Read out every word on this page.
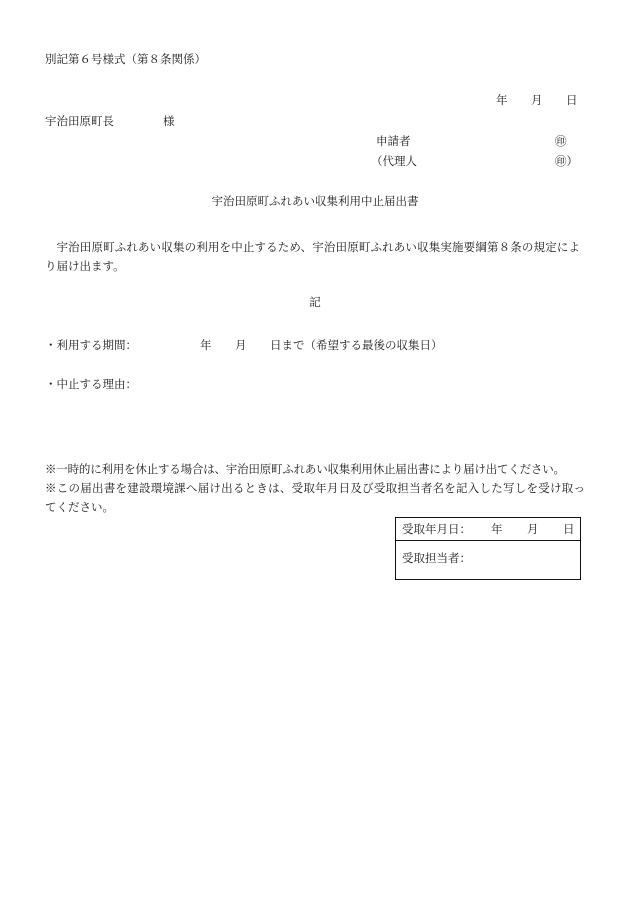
別記第６号様式（第８条関係）
年 月 日
宇治田原町長	様
申請者	㊞
（代理人	㊞）
宇治田原町ふれあい収集利用中止届出書
宇治田原町ふれあい収集の利用を中止するため、宇治田原町ふれあい収集実施要綱第８条の規定により届け出ます。
記
・利用する期間：	年 月 日まで（希望する最後の収集日）
・中止する理由：
※一時的に利用を休止する場合は、宇治田原町ふれあい収集利用休止届出書により届け出てください。
※この届出書を建設環境課へ届け出るときは、受取年月日及び受取担当者名を記入した写しを受け取ってください。
受取年月日： 年 月 日
受取担当者：
